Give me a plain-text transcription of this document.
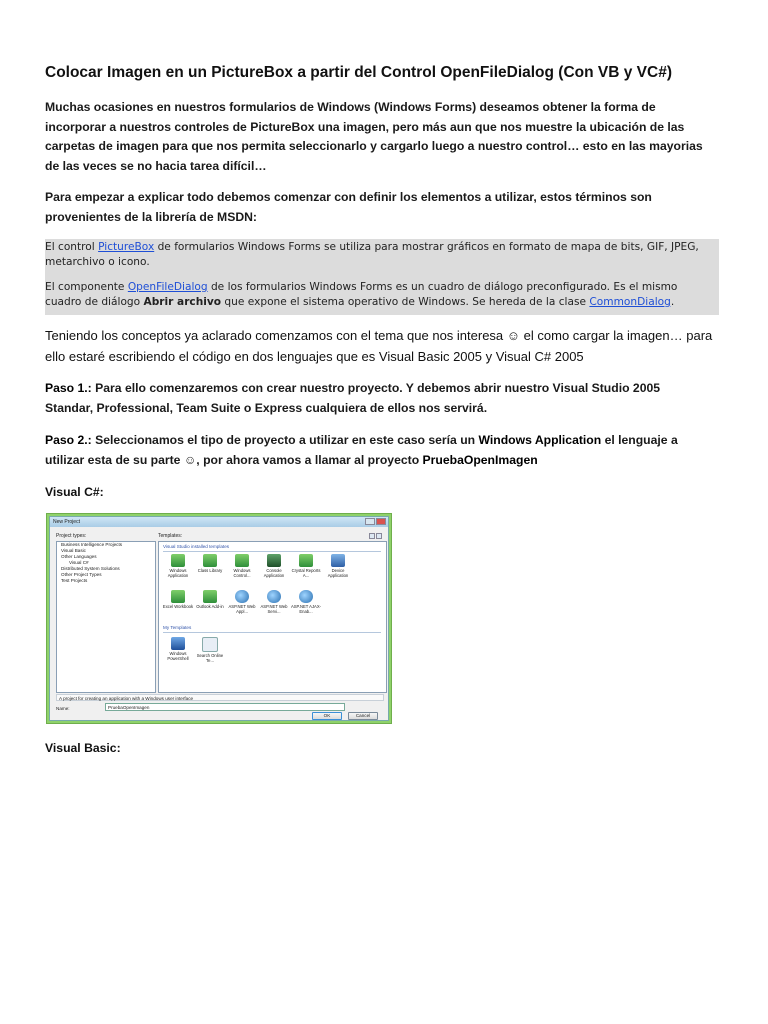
Colocar Imagen en un PictureBox a partir del Control OpenFileDialog (Con VB y VC#)
Muchas ocasiones en nuestros formularios de Windows (Windows Forms) deseamos obtener la forma de incorporar a nuestros controles de PictureBox una imagen, pero más aun que nos muestre la ubicación de las carpetas de imagen para que nos permita seleccionarlo y cargarlo luego a nuestro control… esto en las mayorias de las veces se no hacia tarea difícil…
Para empezar a explicar todo debemos comenzar con definir los elementos a utilizar, estos términos son provenientes de la librería de MSDN:
El control PictureBox de formularios Windows Forms se utiliza para mostrar gráficos en formato de mapa de bits, GIF, JPEG, metarchivo o icono.
El componente OpenFileDialog de los formularios Windows Forms es un cuadro de diálogo preconfigurado. Es el mismo cuadro de diálogo Abrir archivo que expone el sistema operativo de Windows. Se hereda de la clase CommonDialog.
Teniendo los conceptos ya aclarado comenzamos con el tema que nos interesa ☺ el como cargar la imagen… para ello estaré escribiendo el código en dos lenguajes que es Visual Basic 2005 y Visual C# 2005
Paso 1.: Para ello comenzaremos con crear nuestro proyecto. Y debemos abrir nuestro Visual Studio 2005 Standar, Professional, Team Suite o Express cualquiera de ellos nos servirá.
Paso 2.: Seleccionamos el tipo de proyecto a utilizar en este caso sería un Windows Application el lenguaje a utilizar esta de su parte ☺, por ahora vamos a llamar al proyecto PruebaOpenImagen
Visual C#:
New Project
Project types:	Templates:
Business Intelligence Projects
Visual Basic
Other Languages
Visual C#
Distributed System Solutions
Other Project Types
Test Projects
Visual Studio installed templates
Windows Application
Class Library	Windows Control...
Console Application
Crystal Reports A...
Device Application
Excel Workbook Outlook Add-in	ASP.NET Web Appl...
ASP.NET Web Servi...
ASP.NET AJAX-Enab...
My Templates
Windows PowerShell
Search Online Te...
A project for creating an application with a Windows user interface
Name:	PruebaOpenImagen
OK	Cancel
Visual Basic:
